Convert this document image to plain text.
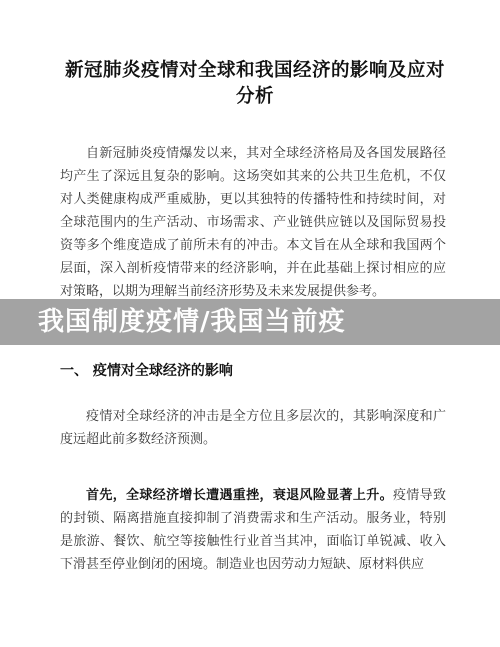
新冠肺炎疫情对全球和我国经济的影响及应对分析

自新冠肺炎疫情爆发以来，其对全球经济格局及各国发展路径均产生了深远且复杂的影响。这场突如其来的公共卫生危机，不仅对人类健康构成严重威胁，更以其独特的传播特性和持续时间，对全球范围内的生产活动、市场需求、产业链供应链以及国际贸易投资等多个维度造成了前所未有的冲击。本文旨在从全球和我国两个层面，深入剖析疫情带来的经济影响，并在此基础上探讨相应的应对策略，以期为理解当前经济形势及未来发展提供参考。

一、 疫情对全球经济的影响

疫情对全球经济的冲击是全方位且多层次的，其影响深度和广度远超此前多数经济预测。

首先，全球经济增长遭遇重挫，衰退风险显著上升。疫情导致的封锁、隔离措施直接抑制了消费需求和生产活动。服务业，特别是旅游、餐饮、航空等接触性行业首当其冲，面临订单锐减、收入下滑甚至停业倒闭的困境。制造业也因劳动力短缺、原材料供应

我国制度疫情/我国当前疫
